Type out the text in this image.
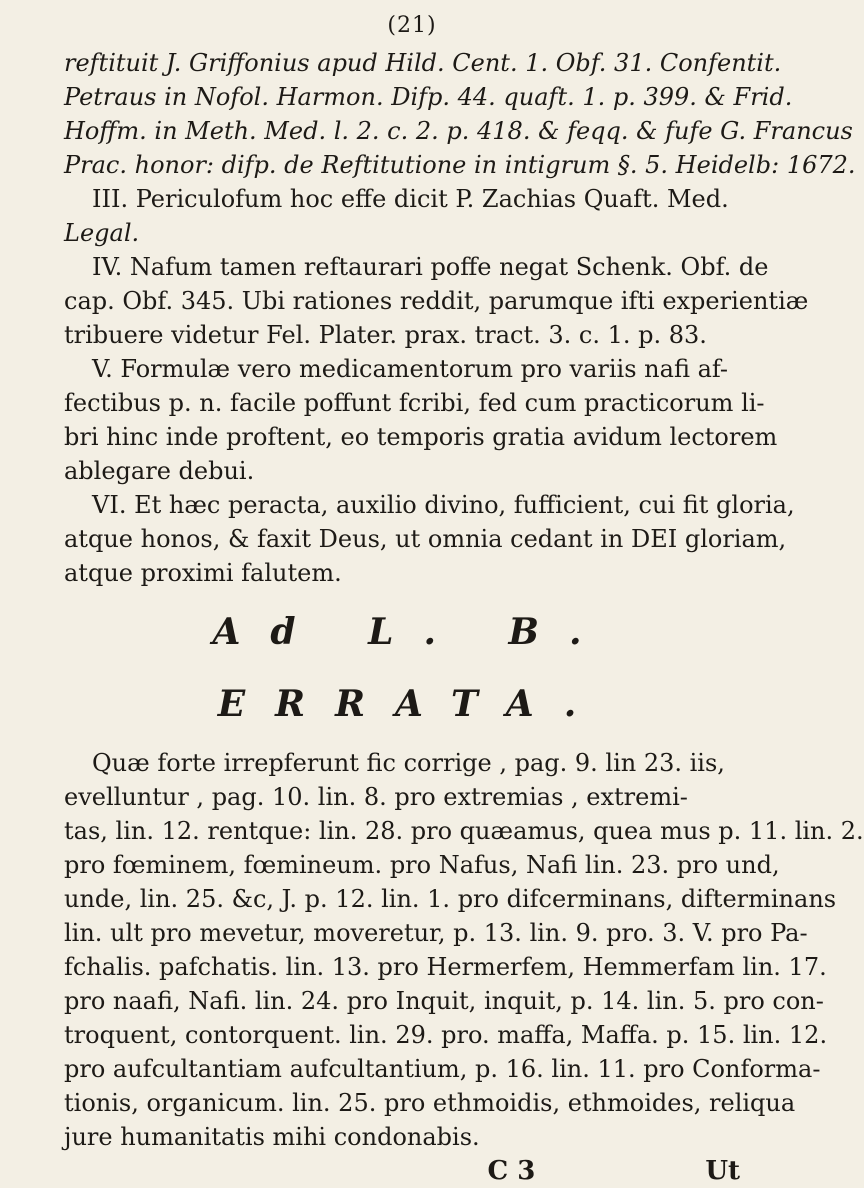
(21)

reftituit J. Griffonius apud Hild. Cent. 1. Obf. 31. Confentit.

Petraus in Nofol. Harmon. Difp. 44. quaft. 1. p. 399. & Frid.

Hoffm. in Meth. Med. l. 2. c. 2. p. 418. & feqq. & fufe G. Francus

Prac. honor: difp. de Reftitutione in intigrum §. 5. Heidelb: 1672.

III. Periculofum hoc effe dicit P. Zachias Quaft. Med.

Legal.

IV. Nafum tamen reftaurari poffe negat Schenk. Obf. de

cap. Obf. 345. Ubi rationes reddit, parumque ifti experientiæ

tribuere videtur Fel. Plater. prax. tract. 3. c. 1. p. 83.

V. Formulæ vero medicamentorum pro variis nafi af-

fectibus p. n. facile poffunt fcribi, fed cum practicorum li-

bri hinc inde proftent, eo temporis gratia avidum lectorem

ablegare debui.

VI. Et hæc peracta, auxilio divino, fufficient, cui fit gloria,

atque honos, & faxit Deus, ut omnia cedant in DEI gloriam,

atque proximi falutem.

Ad L. B.
ERRATA.

Quæ forte irrepferunt fic corrige , pag. 9. lin 23. iis,

evelluntur , pag. 10. lin. 8. pro extremias , extremi-

tas, lin. 12. rentque: lin. 28. pro quæamus, quea mus p. 11. lin. 2.

pro fœminem, fœmineum. pro Nafus, Nafi lin. 23. pro und,

unde, lin. 25. &c, J. p. 12. lin. 1. pro difcerminans, difterminans

lin. ult pro mevetur, moveretur, p. 13. lin. 9. pro. 3. V. pro Pa-

fchalis. pafchatis. lin. 13. pro Hermerfem, Hemmerfam lin. 17.

pro naafi, Nafi. lin. 24. pro Inquit, inquit, p. 14. lin. 5. pro con-

troquent, contorquent. lin. 29. pro. maffa, Maffa. p. 15. lin. 12.

pro aufcultantiam aufcultantium, p. 16. lin. 11. pro Conforma-

tionis, organicum. lin. 25. pro ethmoidis, ethmoides, reliqua

jure humanitatis mihi condonabis.

C 3	Ut
